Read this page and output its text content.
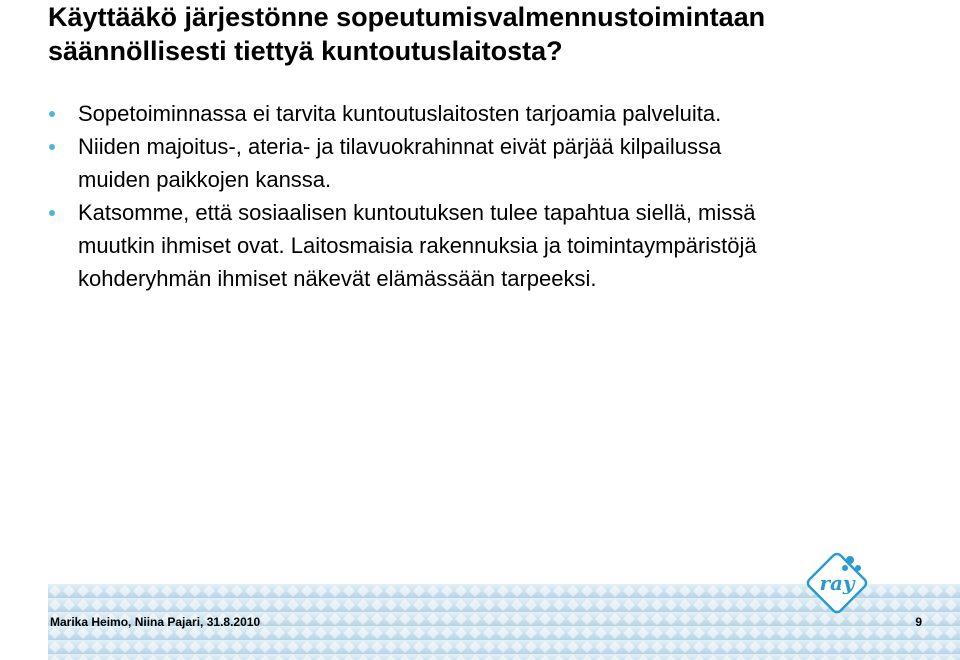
Käyttääkö järjestönne sopeutumisvalmennustoimintaan
säännöllisesti tiettyä kuntoutuslaitosta?
Sopetoiminnassa ei tarvita kuntoutuslaitosten tarjoamia palveluita.
Niiden majoitus-, ateria- ja tilavuokrahinnat eivät pärjää kilpailussa
muiden paikkojen kanssa.
Katsomme, että sosiaalisen kuntoutuksen tulee tapahtua siellä, missä
muutkin ihmiset ovat. Laitosmaisia rakennuksia ja toimintaympäristöjä
kohderyhmän ihmiset näkevät elämässään tarpeeksi.
Marika Heimo, Niina Pajari, 31.8.2010	9
ray
